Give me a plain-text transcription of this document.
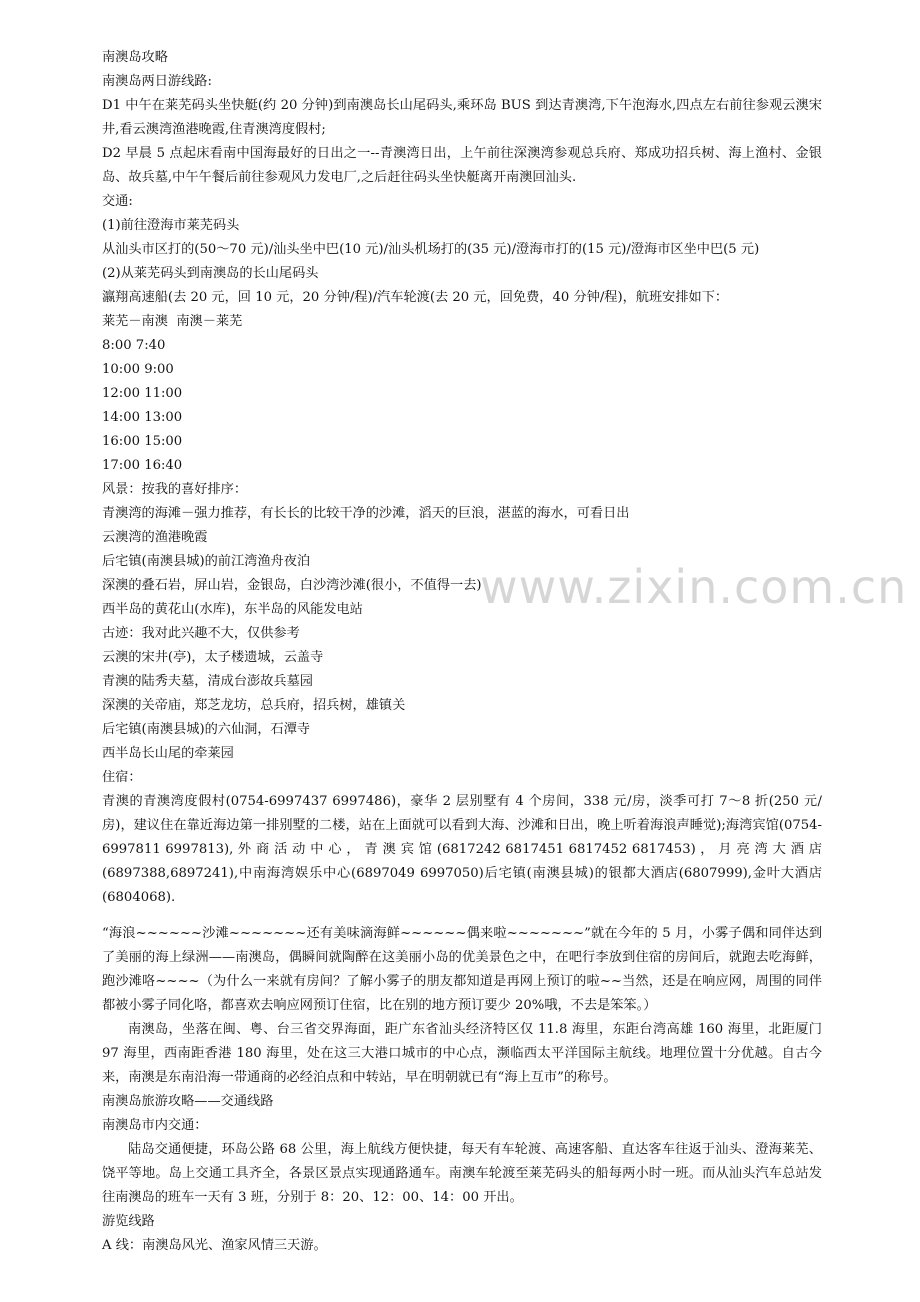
www.zixin.com.cn
南澳岛攻略
南澳岛两日游线路:
D1 中午在莱芜码头坐快艇(约 20 分钟)到南澳岛长山尾码头,乘环岛 BUS 到达青澳湾,下午泡海水,四点左右前往参观云澳宋井,看云澳湾渔港晚霞,住青澳湾度假村;
D2 早晨 5 点起床看南中国海最好的日出之一--青澳湾日出，上午前往深澳湾参观总兵府、郑成功招兵树、海上渔村、金银岛、故兵墓,中午午餐后前往参观风力发电厂,之后赶往码头坐快艇离开南澳回汕头.
交通:
(1)前往澄海市莱芜码头
从汕头市区打的(50～70 元)/汕头坐中巴(10 元)/汕头机场打的(35 元)/澄海市打的(15 元)/澄海市区坐中巴(5 元)
(2)从莱芜码头到南澳岛的长山尾码头
瀛翔高速船(去 20 元，回 10 元，20 分钟/程)/汽车轮渡(去 20 元，回免费，40 分钟/程)，航班安排如下：
莱芜－南澳  南澳－莱芜
8:00 7:40
10:00 9:00
12:00 11:00
14:00 13:00
16:00 15:00
17:00 16:40
风景：按我的喜好排序：
青澳湾的海滩－强力推荐，有长长的比较干净的沙滩，滔天的巨浪，湛蓝的海水，可看日出
云澳湾的渔港晚霞
后宅镇(南澳县城)的前江湾渔舟夜泊
深澳的叠石岩，屏山岩，金银岛，白沙湾沙滩(很小，不值得一去)
西半岛的黄花山(水库)，东半岛的风能发电站
古迹：我对此兴趣不大，仅供参考
云澳的宋井(亭)，太子楼遗城，云盖寺
青澳的陆秀夫墓，清成台澎故兵墓园
深澳的关帝庙，郑芝龙坊，总兵府，招兵树，雄镇关
后宅镇(南澳县城)的六仙洞，石潭寺
西半岛长山尾的牵莱园
住宿：
青澳的青澳湾度假村(0754-6997437 6997486)，豪华 2 层别墅有 4 个房间，338 元/房，淡季可打 7～8 折(250 元/房)，建议住在靠近海边第一排别墅的二楼，站在上面就可以看到大海、沙滩和日出，晚上听着海浪声睡觉);海湾宾馆(0754-6997811 6997813), 外 商 活 动 中 心 ， 青 澳 宾 馆 (6817242 6817451 6817452 6817453) ， 月 亮 湾 大 酒 店(6897388,6897241),中南海湾娱乐中心(6897049 6997050)后宅镇(南澳县城)的银都大酒店(6807999),金叶大酒店(6804068).
“海浪~~~~~~沙滩~~~~~~~还有美味滴海鲜~~~~~~偶来啦~~~~~~~”就在今年的 5 月，小雾子偶和同伴达到了美丽的海上绿洲——南澳岛，偶瞬间就陶醉在这美丽小岛的优美景色之中，在吧行李放到住宿的房间后，就跑去吃海鲜，跑沙滩咯~~~~（为什么一来就有房间？了解小雾子的朋友都知道是再网上预订的啦~~当然，还是在响应网，周围的同伴都被小雾子同化咯，都喜欢去响应网预订住宿，比在别的地方预订要少 20%哦，不去是笨笨。）
南澳岛，坐落在闽、粤、台三省交界海面，距广东省汕头经济特区仅 11.8 海里，东距台湾高雄 160 海里，北距厦门 97 海里，西南距香港 180 海里，处在这三大港口城市的中心点，濒临西太平洋国际主航线。地理位置十分优越。自古今来，南澳是东南沿海一带通商的必经泊点和中转站，早在明朝就已有“海上互市”的称号。
南澳岛旅游攻略——交通线路
南澳岛市内交通：
陆岛交通便捷，环岛公路 68 公里，海上航线方便快捷，每天有车轮渡、高速客船、直达客车往返于汕头、澄海莱芜、饶平等地。岛上交通工具齐全，各景区景点实现通路通车。南澳车轮渡至莱芜码头的船每两小时一班。而从汕头汽车总站发往南澳岛的班车一天有 3 班，分别于 8：20、12：00、14：00 开出。
游览线路
A 线：南澳岛风光、渔家风情三天游。
